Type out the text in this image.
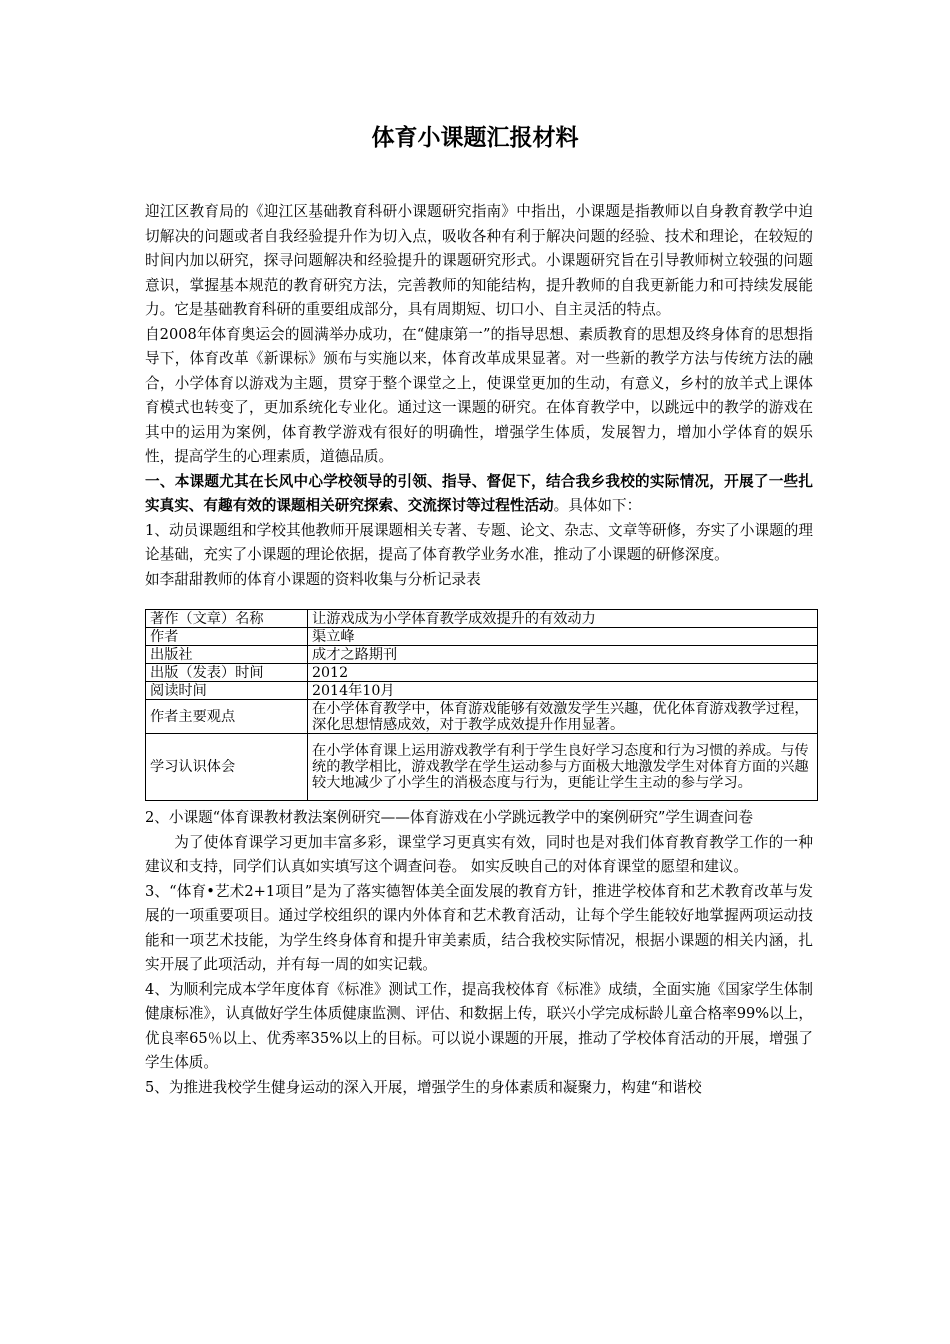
体育小课题汇报材料

迎江区教育局的《迎江区基础教育科研小课题研究指南》中指出，小课题是指教师以自身教育教学中迫切解决的问题或者自我经验提升作为切入点，吸收各种有利于解决问题的经验、技术和理论，在较短的时间内加以研究，探寻问题解决和经验提升的课题研究形式。小课题研究旨在引导教师树立较强的问题意识，掌握基本规范的教育研究方法，完善教师的知能结构，提升教师的自我更新能力和可持续发展能力。它是基础教育科研的重要组成部分，具有周期短、切口小、自主灵活的特点。

自2008年体育奥运会的圆满举办成功，在“健康第一”的指导思想、素质教育的思想及终身体育的思想指导下，体育改革《新课标》颁布与实施以来，体育改革成果显著。对一些新的教学方法与传统方法的融合，小学体育以游戏为主题，贯穿于整个课堂之上，使课堂更加的生动，有意义，乡村的放羊式上课体育模式也转变了，更加系统化专业化。通过这一课题的研究。在体育教学中，以跳远中的教学的游戏在其中的运用为案例，体育教学游戏有很好的明确性，增强学生体质，发展智力，增加小学体育的娱乐性，提高学生的心理素质，道德品质。

一、本课题尤其在长风中心学校领导的引领、指导、督促下，结合我乡我校的实际情况，开展了一些扎实真实、有趣有效的课题相关研究探索、交流探讨等过程性活动。具体如下：

1、动员课题组和学校其他教师开展课题相关专著、专题、论文、杂志、文章等研修，夯实了小课题的理论基础，充实了小课题的理论依据，提高了体育教学业务水准，推动了小课题的研修深度。

如李甜甜教师的体育小课题的资料收集与分析记录表

著作（文章）名称	让游戏成为小学体育教学成效提升的有效动力
作者	渠立峰
出版社	成才之路期刊
出版（发表）时间	2012
阅读时间	2014年10月
作者主要观点	在小学体育教学中，体育游戏能够有效激发学生兴趣，优化体育游戏教学过程，深化思想情感成效，对于教学成效提升作用显著。
学习认识体会	在小学体育课上运用游戏教学有利于学生良好学习态度和行为习惯的养成。与传统的教学相比，游戏教学在学生运动参与方面极大地激发学生对体育方面的兴趣较大地减少了小学生的消极态度与行为，更能让学生主动的参与学习。

2、小课题“体育课教材教法案例研究——体育游戏在小学跳远教学中的案例研究”学生调查问卷

为了使体育课学习更加丰富多彩，课堂学习更真实有效，同时也是对我们体育教育教学工作的一种建议和支持，同学们认真如实填写这个调查问卷。 如实反映自己的对体育课堂的愿望和建议。

3、“体育•艺术2+1项目”是为了落实德智体美全面发展的教育方针，推进学校体育和艺术教育改革与发展的一项重要项目。通过学校组织的课内外体育和艺术教育活动，让每个学生能较好地掌握两项运动技能和一项艺术技能，为学生终身体育和提升审美素质，结合我校实际情况，根据小课题的相关内涵，扎实开展了此项活动，并有每一周的如实记载。

4、为顺利完成本学年度体育《标准》测试工作，提高我校体育《标准》成绩，全面实施《国家学生体制健康标准》，认真做好学生体质健康监测、评估、和数据上传，联兴小学完成标龄儿童合格率99%以上，优良率65％以上、优秀率35%以上的目标。可以说小课题的开展，推动了学校体育活动的开展，增强了学生体质。

5、为推进我校学生健身运动的深入开展，增强学生的身体素质和凝聚力，构建“和谐校
